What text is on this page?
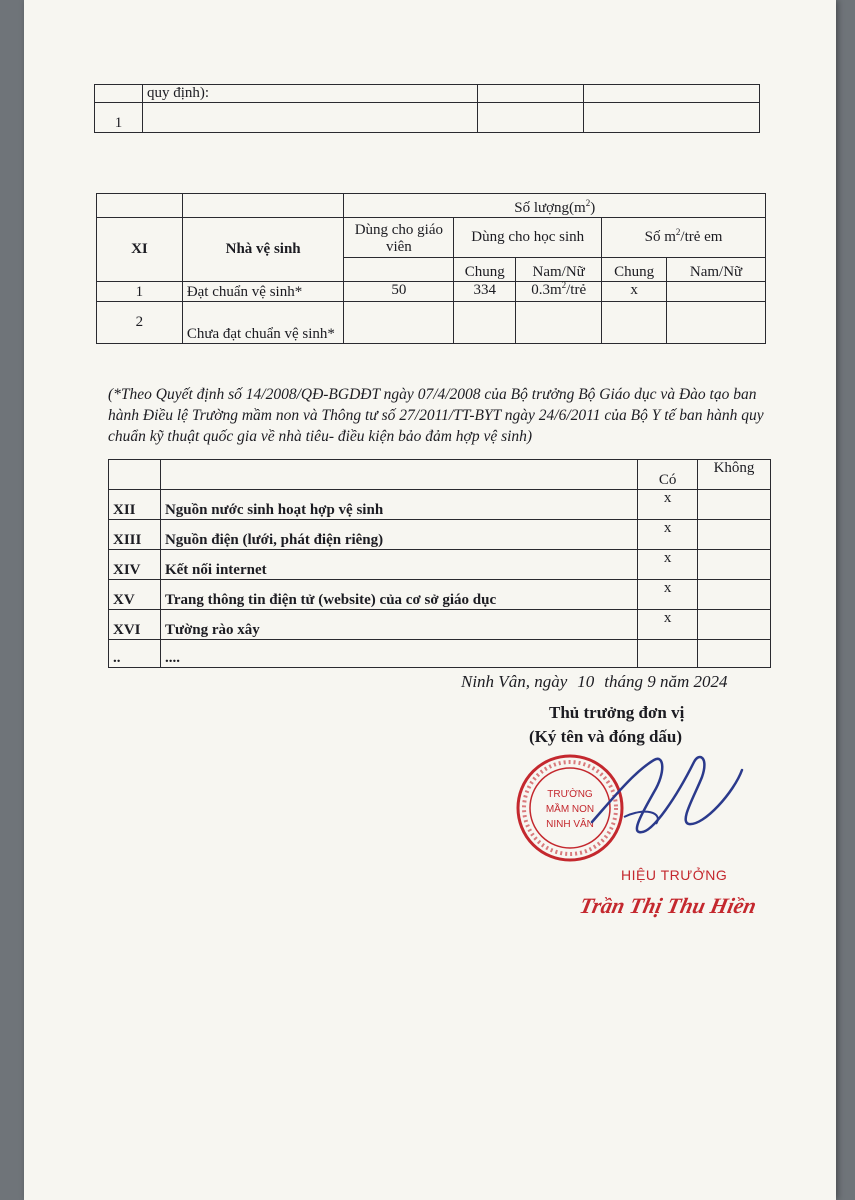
	quy định):		
1			
		Số $lượng(m^2)$				
XI	Nhà vệ sinh	Dùng cho giáo viên	Dùng cho học sinh		Số $m^2$/trẻ em	
			Chung	Nam/Nữ	Chung	Nam/Nữ
1	Đạt chuẩn vệ sinh*	50	334	$0.3m^2$/trẻ	x	
2	Chưa đạt chuẩn vệ sinh*					
(*Theo Quyết định số 14/2008/QĐ-BGDĐT ngày 07/4/2008 của Bộ trưởng Bộ Giáo dục và Đào tạo ban hành Điều lệ Trường mầm non và Thông tư số 27/2011/TT-BYT ngày 24/6/2011 của Bộ Y tế ban hành quy chuẩn kỹ thuật quốc gia về nhà tiêu- điều kiện bảo đảm hợp vệ sinh)
		Có	Không
XII	Nguồn nước sinh hoạt hợp vệ sinh	x	
XIII	Nguồn điện (lưới, phát điện riêng)	x	
XIV	Kết nối internet	x	
XV	Trang thông tin điện tử (website) của cơ sở giáo dục	x	
XVI	Tường rào xây	x	
..	....		
Ninh Vân, ngày 10 tháng 9 năm 2024
Thủ trưởng đơn vị
(Ký tên và đóng dấu)
TRƯỜNG
MẦM NON
NINH VÂN
HIỆU TRƯỞNG
Trần Thị Thu Hiền
